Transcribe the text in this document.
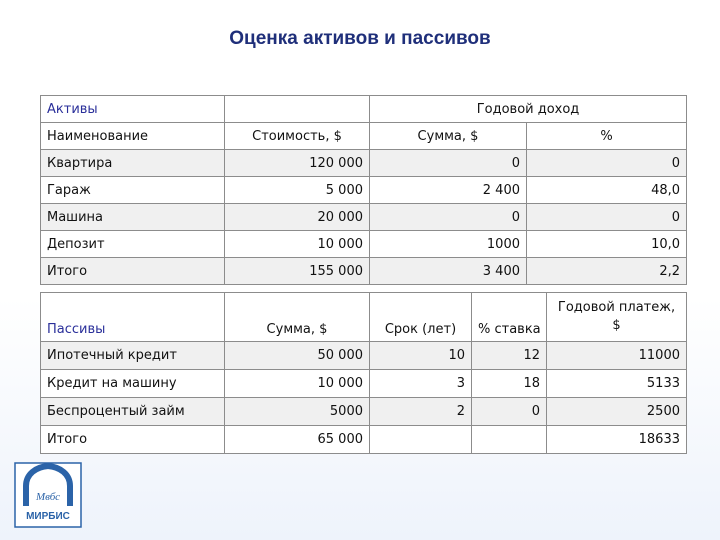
Оценка активов и пассивов
Активы		Годовой доход	
Наименование	Стоимость, $	Сумма, $	%
Квартира	120 000	0	0
Гараж	5 000	2 400	48,0
Машина	20 000	0	0
Депозит	10 000	1000	10,0
Итого	155 000	3 400	2,2
Пассивы	Сумма, $	Срок (лет)	% ставка	Годовой платеж, $
Ипотечный кредит	50 000	10	12	11000
Кредит на машину	10 000	3	18	5133
Беспроцентый займ	5000	2	0	2500
Итого	65 000			18633
Мвбс
МИРБИС
